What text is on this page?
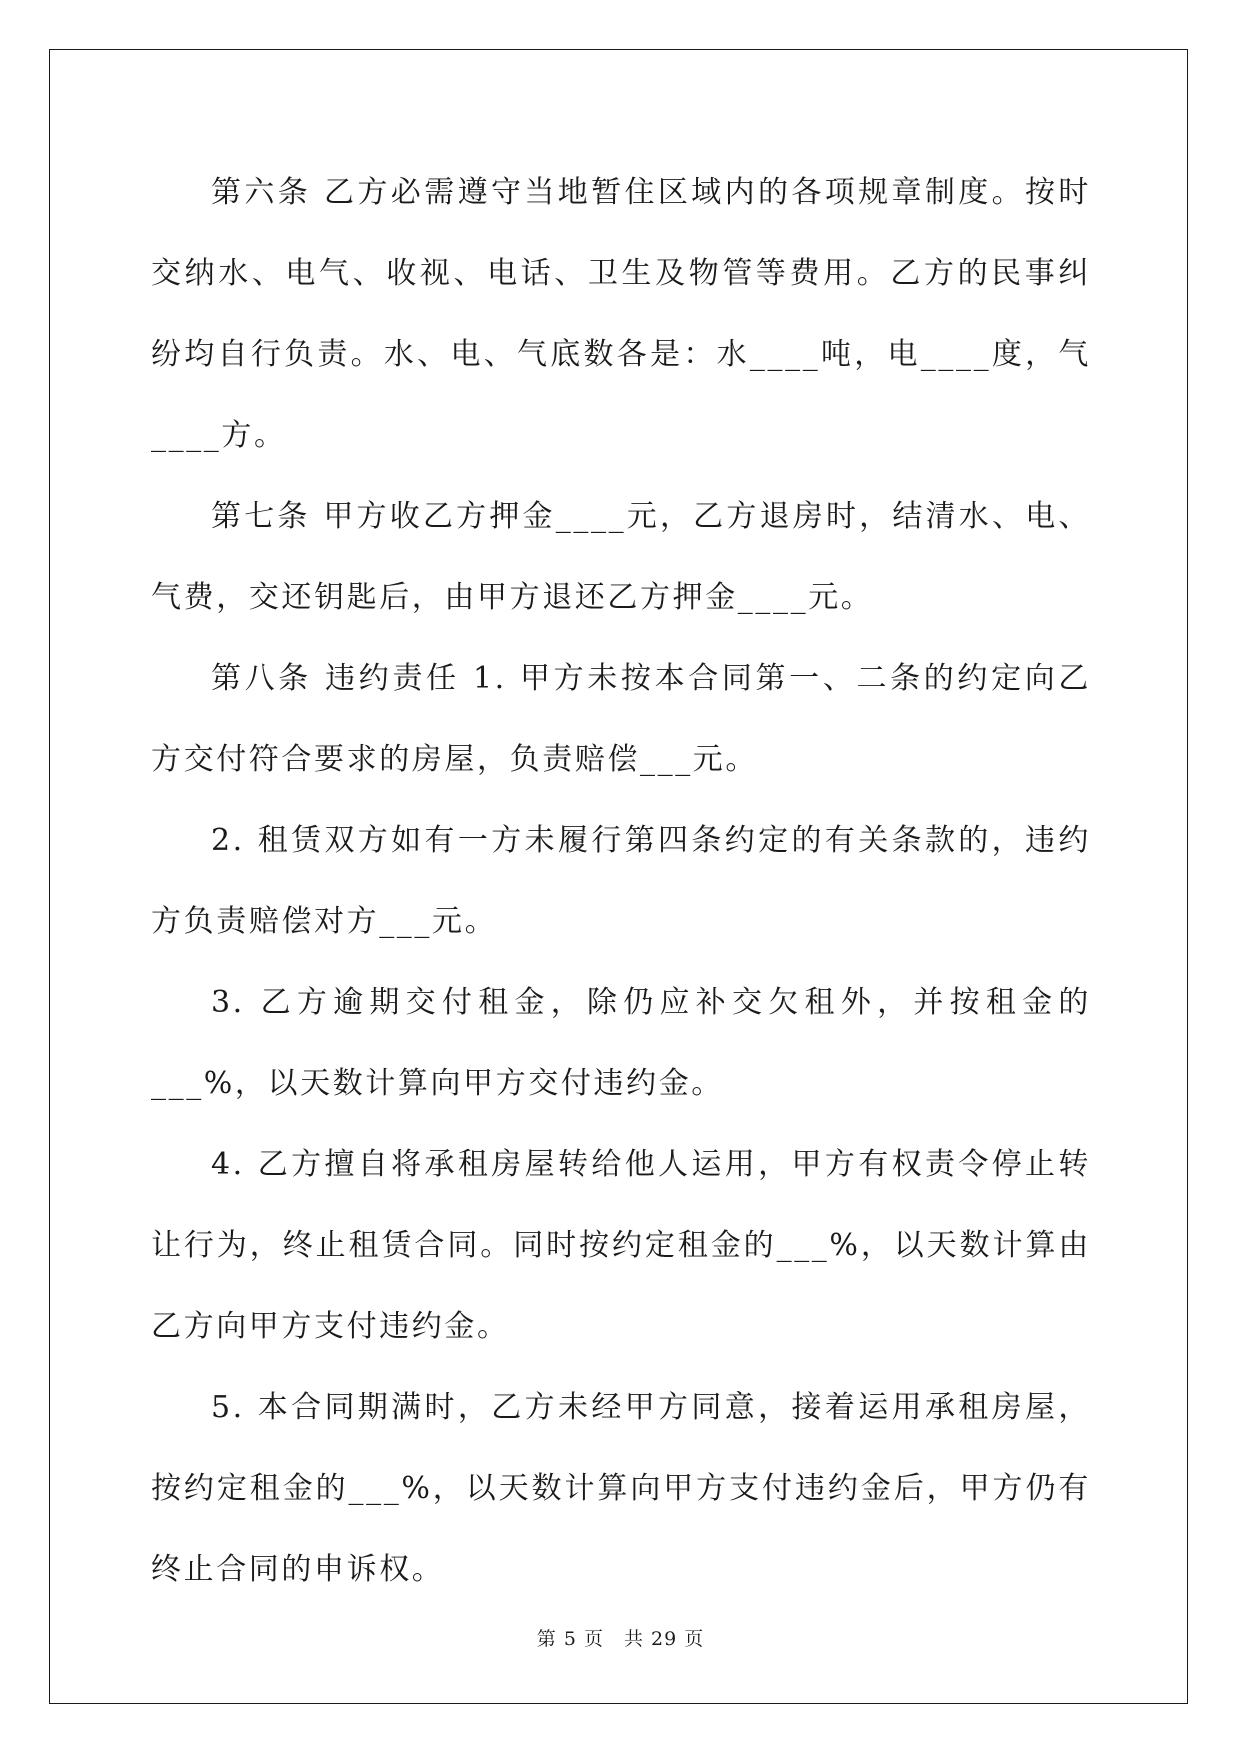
第六条 乙方必需遵守当地暂住区域内的各项规章制度。按时交纳水、电气、收视、电话、卫生及物管等费用。乙方的民事纠纷均自行负责。水、电、气底数各是：水____吨，电____度，气____方。

第七条 甲方收乙方押金____元，乙方退房时，结清水、电、气费，交还钥匙后，由甲方退还乙方押金____元。

第八条 违约责任 1. 甲方未按本合同第一、二条的约定向乙方交付符合要求的房屋，负责赔偿___元。

2. 租赁双方如有一方未履行第四条约定的有关条款的，违约方负责赔偿对方___元。

3. 乙方逾期交付租金，除仍应补交欠租外，并按租金的___%，以天数计算向甲方交付违约金。

4. 乙方擅自将承租房屋转给他人运用，甲方有权责令停止转让行为，终止租赁合同。同时按约定租金的___%，以天数计算由乙方向甲方支付违约金。

5. 本合同期满时，乙方未经甲方同意，接着运用承租房屋，按约定租金的___%，以天数计算向甲方支付违约金后，甲方仍有终止合同的申诉权。

第 5 页　共 29 页
